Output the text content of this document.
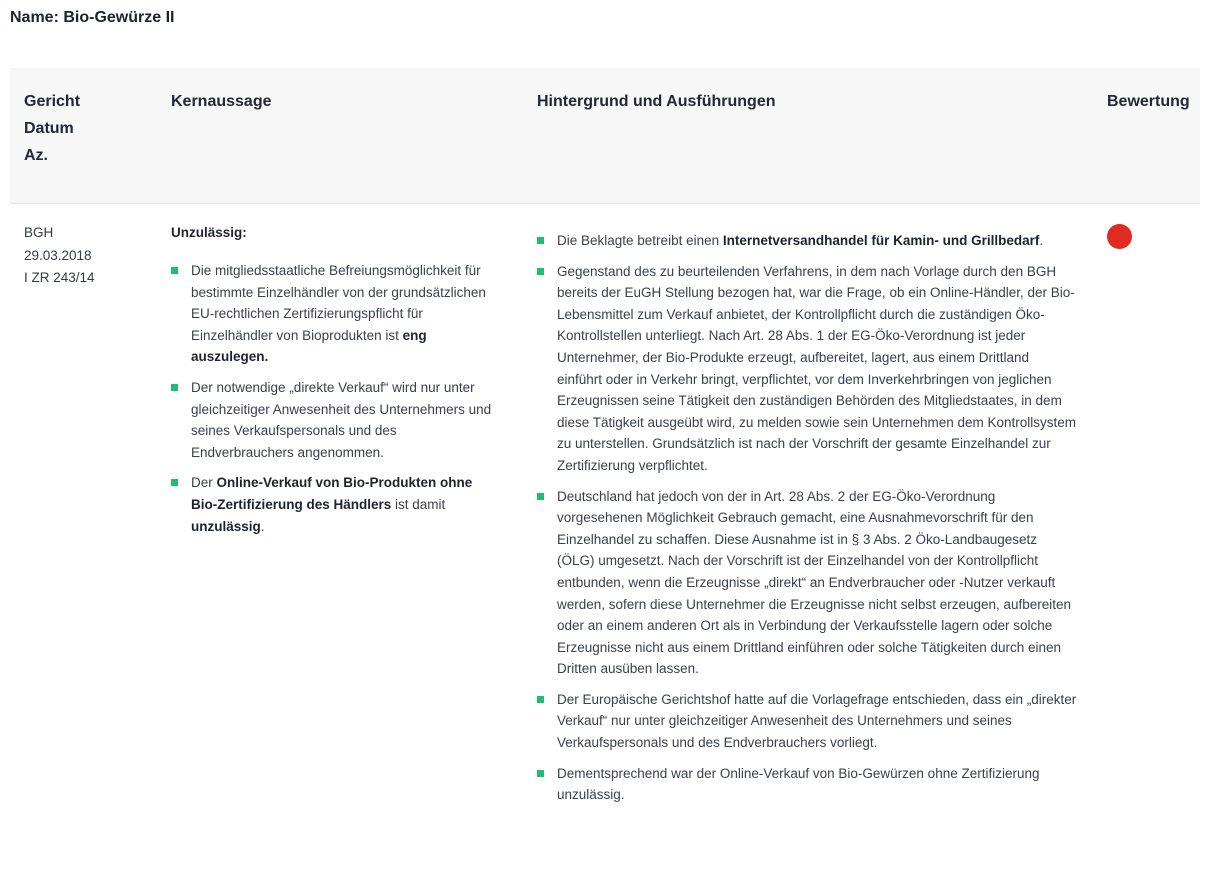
Name: Bio-Gewürze II
Gericht
Datum
Az.
Kernaussage	Hintergrund und Ausführungen	Bewertung
BGH
29.03.2018
I ZR 243/14

Unzulässig:

Die mitgliedsstaatliche Befreiungsmöglichkeit für bestimmte Einzelhändler von der grundsätzlichen EU-rechtlichen Zertifizierungspflicht für Einzelhändler von Bioprodukten ist eng auszulegen.
Der notwendige „direkte Verkauf“ wird nur unter gleichzeitiger Anwesenheit des Unternehmers und seines Verkaufspersonals und des Endverbrauchers angenommen.
Der Online-Verkauf von Bio-Produkten ohne Bio-Zertifizierung des Händlers ist damit unzulässig.
Die Beklagte betreibt einen Internetversandhandel für Kamin- und Grillbedarf.
Gegenstand des zu beurteilenden Verfahrens, in dem nach Vorlage durch den BGH bereits der EuGH Stellung bezogen hat, war die Frage, ob ein Online-Händler, der Bio-Lebensmittel zum Verkauf anbietet, der Kontrollpflicht durch die zuständigen Öko-Kontrollstellen unterliegt. Nach Art. 28 Abs. 1 der EG-Öko-Verordnung ist jeder Unternehmer, der Bio-Produkte erzeugt, aufbereitet, lagert, aus einem Drittland einführt oder in Verkehr bringt, verpflichtet, vor dem Inverkehrbringen von jeglichen Erzeugnissen seine Tätigkeit den zuständigen Behörden des Mitgliedstaates, in dem diese Tätigkeit ausgeübt wird, zu melden sowie sein Unternehmen dem Kontrollsystem zu unterstellen. Grundsätzlich ist nach der Vorschrift der gesamte Einzelhandel zur Zertifizierung verpflichtet.
Deutschland hat jedoch von der in Art. 28 Abs. 2 der EG-Öko-Verordnung vorgesehenen Möglichkeit Gebrauch gemacht, eine Ausnahmevorschrift für den Einzelhandel zu schaffen. Diese Ausnahme ist in § 3 Abs. 2 Öko-Landbaugesetz (ÖLG) umgesetzt. Nach der Vorschrift ist der Einzelhandel von der Kontrollpflicht entbunden, wenn die Erzeugnisse „direkt“ an Endverbraucher oder -Nutzer verkauft werden, sofern diese Unternehmer die Erzeugnisse nicht selbst erzeugen, aufbereiten oder an einem anderen Ort als in Verbindung der Verkaufsstelle lagern oder solche Erzeugnisse nicht aus einem Drittland einführen oder solche Tätigkeiten durch einen Dritten ausüben lassen.
Der Europäische Gerichtshof hatte auf die Vorlagefrage entschieden, dass ein „direkter Verkauf“ nur unter gleichzeitiger Anwesenheit des Unternehmers und seines Verkaufspersonals und des Endverbrauchers vorliegt.
Dementsprechend war der Online-Verkauf von Bio-Gewürzen ohne Zertifizierung unzulässig.
